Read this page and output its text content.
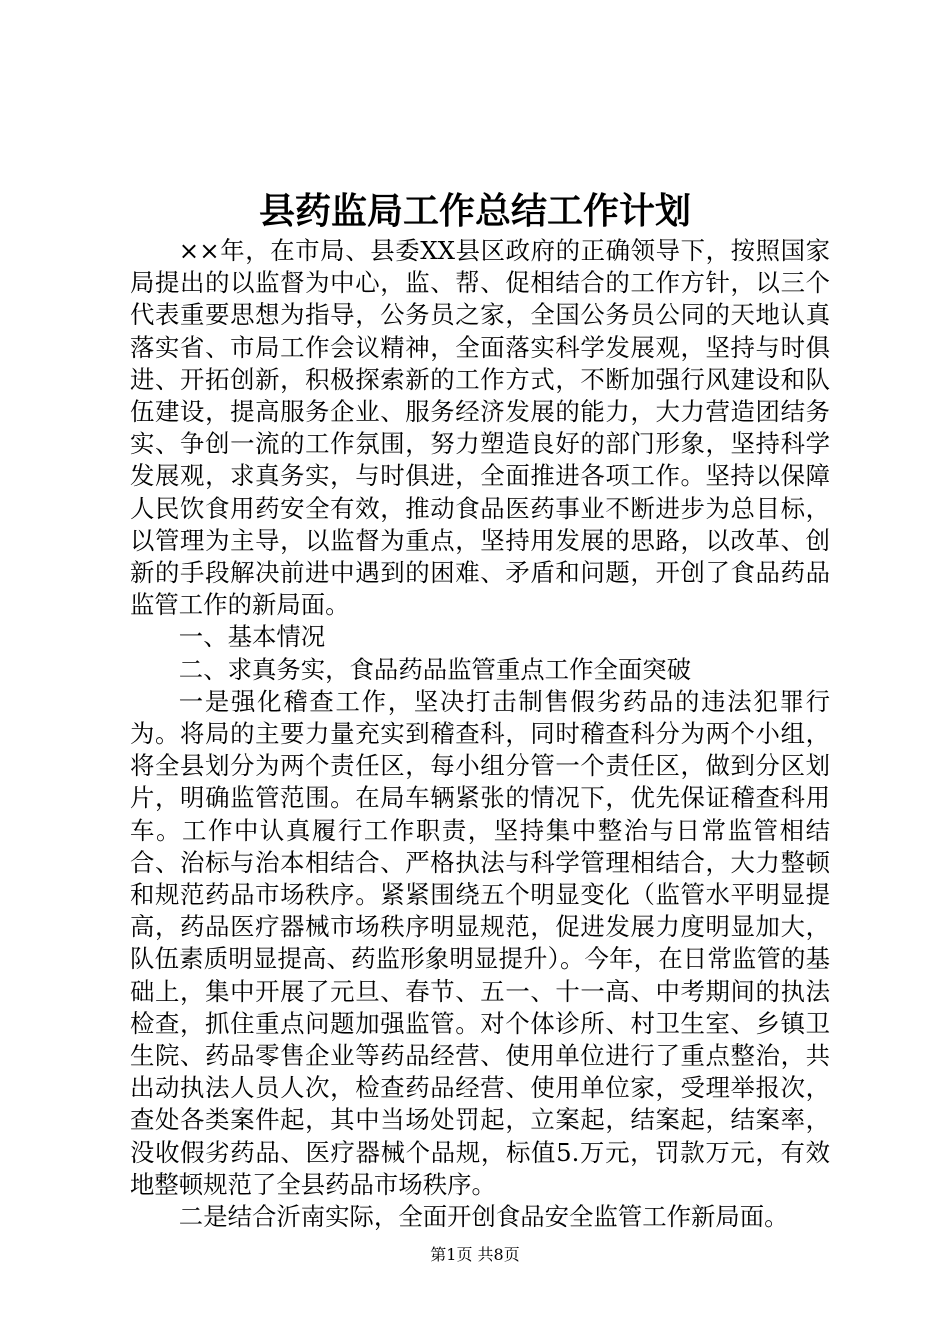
县药监局工作总结工作计划

××年，在市局、县委XX县区政府的正确领导下，按照国家局提出的以监督为中心，监、帮、促相结合的工作方针，以三个代表重要思想为指导，公务员之家，全国公务员公同的天地认真落实省、市局工作会议精神，全面落实科学发展观，坚持与时俱进、开拓创新，积极探索新的工作方式，不断加强行风建设和队伍建设，提高服务企业、服务经济发展的能力，大力营造团结务实、争创一流的工作氛围，努力塑造良好的部门形象，坚持科学发展观，求真务实，与时俱进，全面推进各项工作。坚持以保障人民饮食用药安全有效，推动食品医药事业不断进步为总目标，以管理为主导，以监督为重点，坚持用发展的思路，以改革、创新的手段解决前进中遇到的困难、矛盾和问题，开创了食品药品监管工作的新局面。

一、基本情况

二、求真务实，食品药品监管重点工作全面突破

一是强化稽查工作，坚决打击制售假劣药品的违法犯罪行为。将局的主要力量充实到稽查科，同时稽查科分为两个小组，将全县划分为两个责任区，每小组分管一个责任区，做到分区划片，明确监管范围。在局车辆紧张的情况下，优先保证稽查科用车。工作中认真履行工作职责，坚持集中整治与日常监管相结合、治标与治本相结合、严格执法与科学管理相结合，大力整顿和规范药品市场秩序。紧紧围绕五个明显变化（监管水平明显提高，药品医疗器械市场秩序明显规范，促进发展力度明显加大，队伍素质明显提高、药监形象明显提升）。今年，在日常监管的基础上，集中开展了元旦、春节、五一、十一高、中考期间的执法检查，抓住重点问题加强监管。对个体诊所、村卫生室、乡镇卫生院、药品零售企业等药品经营、使用单位进行了重点整治，共出动执法人员人次，检查药品经营、使用单位家，受理举报次，查处各类案件起，其中当场处罚起，立案起，结案起，结案率，没收假劣药品、医疗器械个品规，标值5.万元，罚款万元，有效地整顿规范了全县药品市场秩序。

二是结合沂南实际，全面开创食品安全监管工作新局面。

第1页 共8页
